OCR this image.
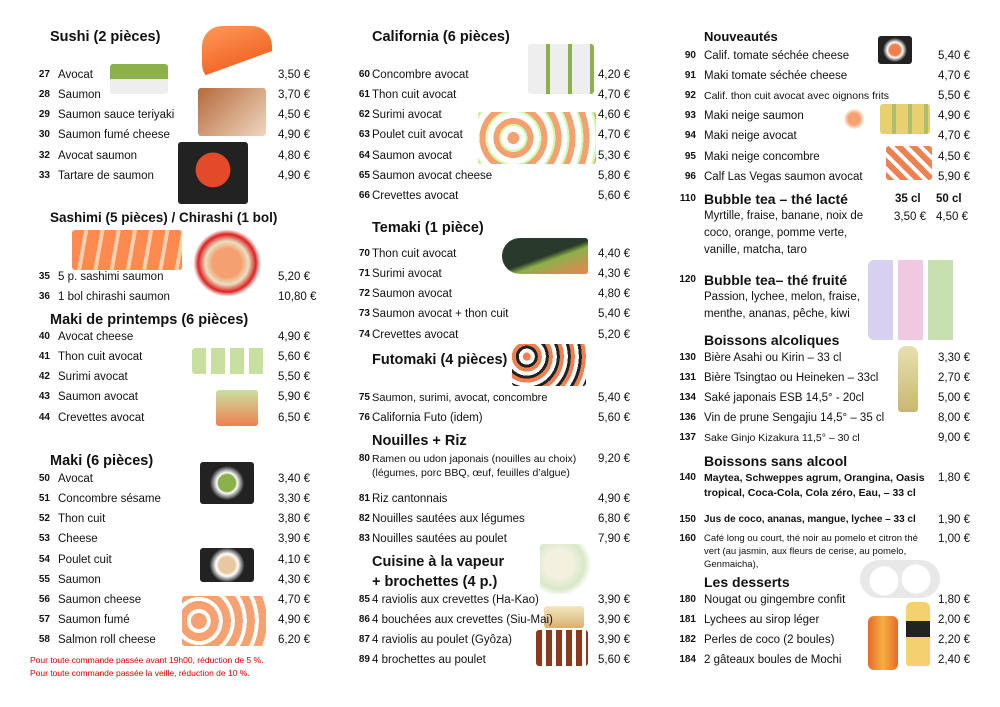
Sushi (2 pièces)
27 Avocat	3,50 €
28 Saumon	3,70 €
29 Saumon sauce teriyaki	4,50 €
30 Saumon fumé cheese	4,90 €
32 Avocat saumon	4,80 €
33 Tartare de saumon	4,90 €
Sashimi (5 pièces) / Chirashi (1 bol)
35 5 p. sashimi saumon	5,20 €
36 1 bol chirashi saumon	10,80 €
Maki de printemps (6 pièces)
40 Avocat cheese	4,90 €
41 Thon cuit avocat	5,60 €
42 Surimi avocat	5,50 €
43 Saumon avocat	5,90 €
44 Crevettes avocat	6,50 €
Maki (6 pièces)
50 Avocat	3,40 €
51 Concombre sésame	3,30 €
52 Thon cuit	3,80 €
53 Cheese	3,90 €
54 Poulet cuit	4,10 €
55 Saumon	4,30 €
56 Saumon cheese	4,70 €
57 Saumon fumé	4,90 €
58 Salmon roll cheese	6,20 €
Pour toute commande passée avant 19h00, réduction de 5 %.
Pour toute commande passée la veille, réduction de 10 %.
California (6 pièces)
60 Concombre avocat	4,20 €
61 Thon cuit avocat	4,70 €
62 Surimi avocat	4,60 €
63 Poulet cuit avocat	4,70 €
64 Saumon avocat	5,30 €
65 Saumon avocat cheese	5,80 €
66 Crevettes avocat	5,60 €
Temaki (1 pièce)
70 Thon cuit avocat	4,40 €
71 Surimi avocat	4,30 €
72 Saumon avocat	4,80 €
73 Saumon avocat + thon cuit	5,40 €
74 Crevettes avocat	5,20 €
Futomaki (4 pièces)
75 Saumon, surimi, avocat, concombre	5,40 €
76 California Futo (idem)	5,60 €
Nouilles + Riz
80 Ramen ou udon japonais (nouilles au choix) 9,20 €
(légumes, porc BBQ, œuf, feuilles d’algue)
81 Riz cantonnais	4,90 €
82 Nouilles sautées aux légumes	6,80 €
83 Nouilles sautées au poulet	7,90 €
Cuisine à la vapeur
+ brochettes (4 p.)
85 4 raviolis aux crevettes (Ha-Kao)	3,90 €
86 4 bouchées aux crevettes (Siu-Mai)	3,90 €
87 4 raviolis au poulet (Gyôza)	3,90 €
89 4 brochettes au poulet	5,60 €
Nouveautés
90 Calif. tomate séchée cheese	5,40 €
91 Maki tomate séchée cheese	4,70 €
92 Calif. thon cuit avocat avec oignons frits	5,50 €
93 Maki neige saumon	4,90 €
94 Maki neige avocat	4,70 €
95 Maki neige concombre	4,50 €
96 Calf Las Vegas saumon avocat	5,90 €
110 Bubble tea – thé lacté	35 cl 50 cl
3,50 € 4,50 €
Myrtille, fraise, banane, noix de
coco, orange, pomme verte,
vanille, matcha, taro
120 Bubble tea– thé fruité
Passion, lychee, melon, fraise,
menthe, ananas, pêche, kiwi
Boissons alcoliques
130 Bière Asahi ou Kirin – 33 cl	3,30 €
131 Bière Tsingtao ou Heineken – 33cl	2,70 €
134 Saké japonais ESB 14,5° - 20cl	5,00 €
136 Vin de prune Sengajiu 14,5° – 35 cl	8,00 €
137 Sake Ginjo Kizakura 11,5° – 30 cl	9,00 €
Boissons sans alcool
140 Maytea, Schweppes agrum, Orangina, Oasis 1,80 €
tropical, Coca-Cola, Cola zéro, Eau, – 33 cl
150 Jus de coco, ananas, mangue, lychee – 33 cl 1,90 €
160 Café long ou court, thé noir au pomelo et citron thé 1,00 €
vert (au jasmin, aux fleurs de cerise, au pomelo,
Genmaicha),
Les desserts
180 Nougat ou gingembre confit	1,80 €
181 Lychees au sirop léger	2,00 €
182 Perles de coco (2 boules)	2,20 €
184 2 gâteaux boules de Mochi	2,40 €
